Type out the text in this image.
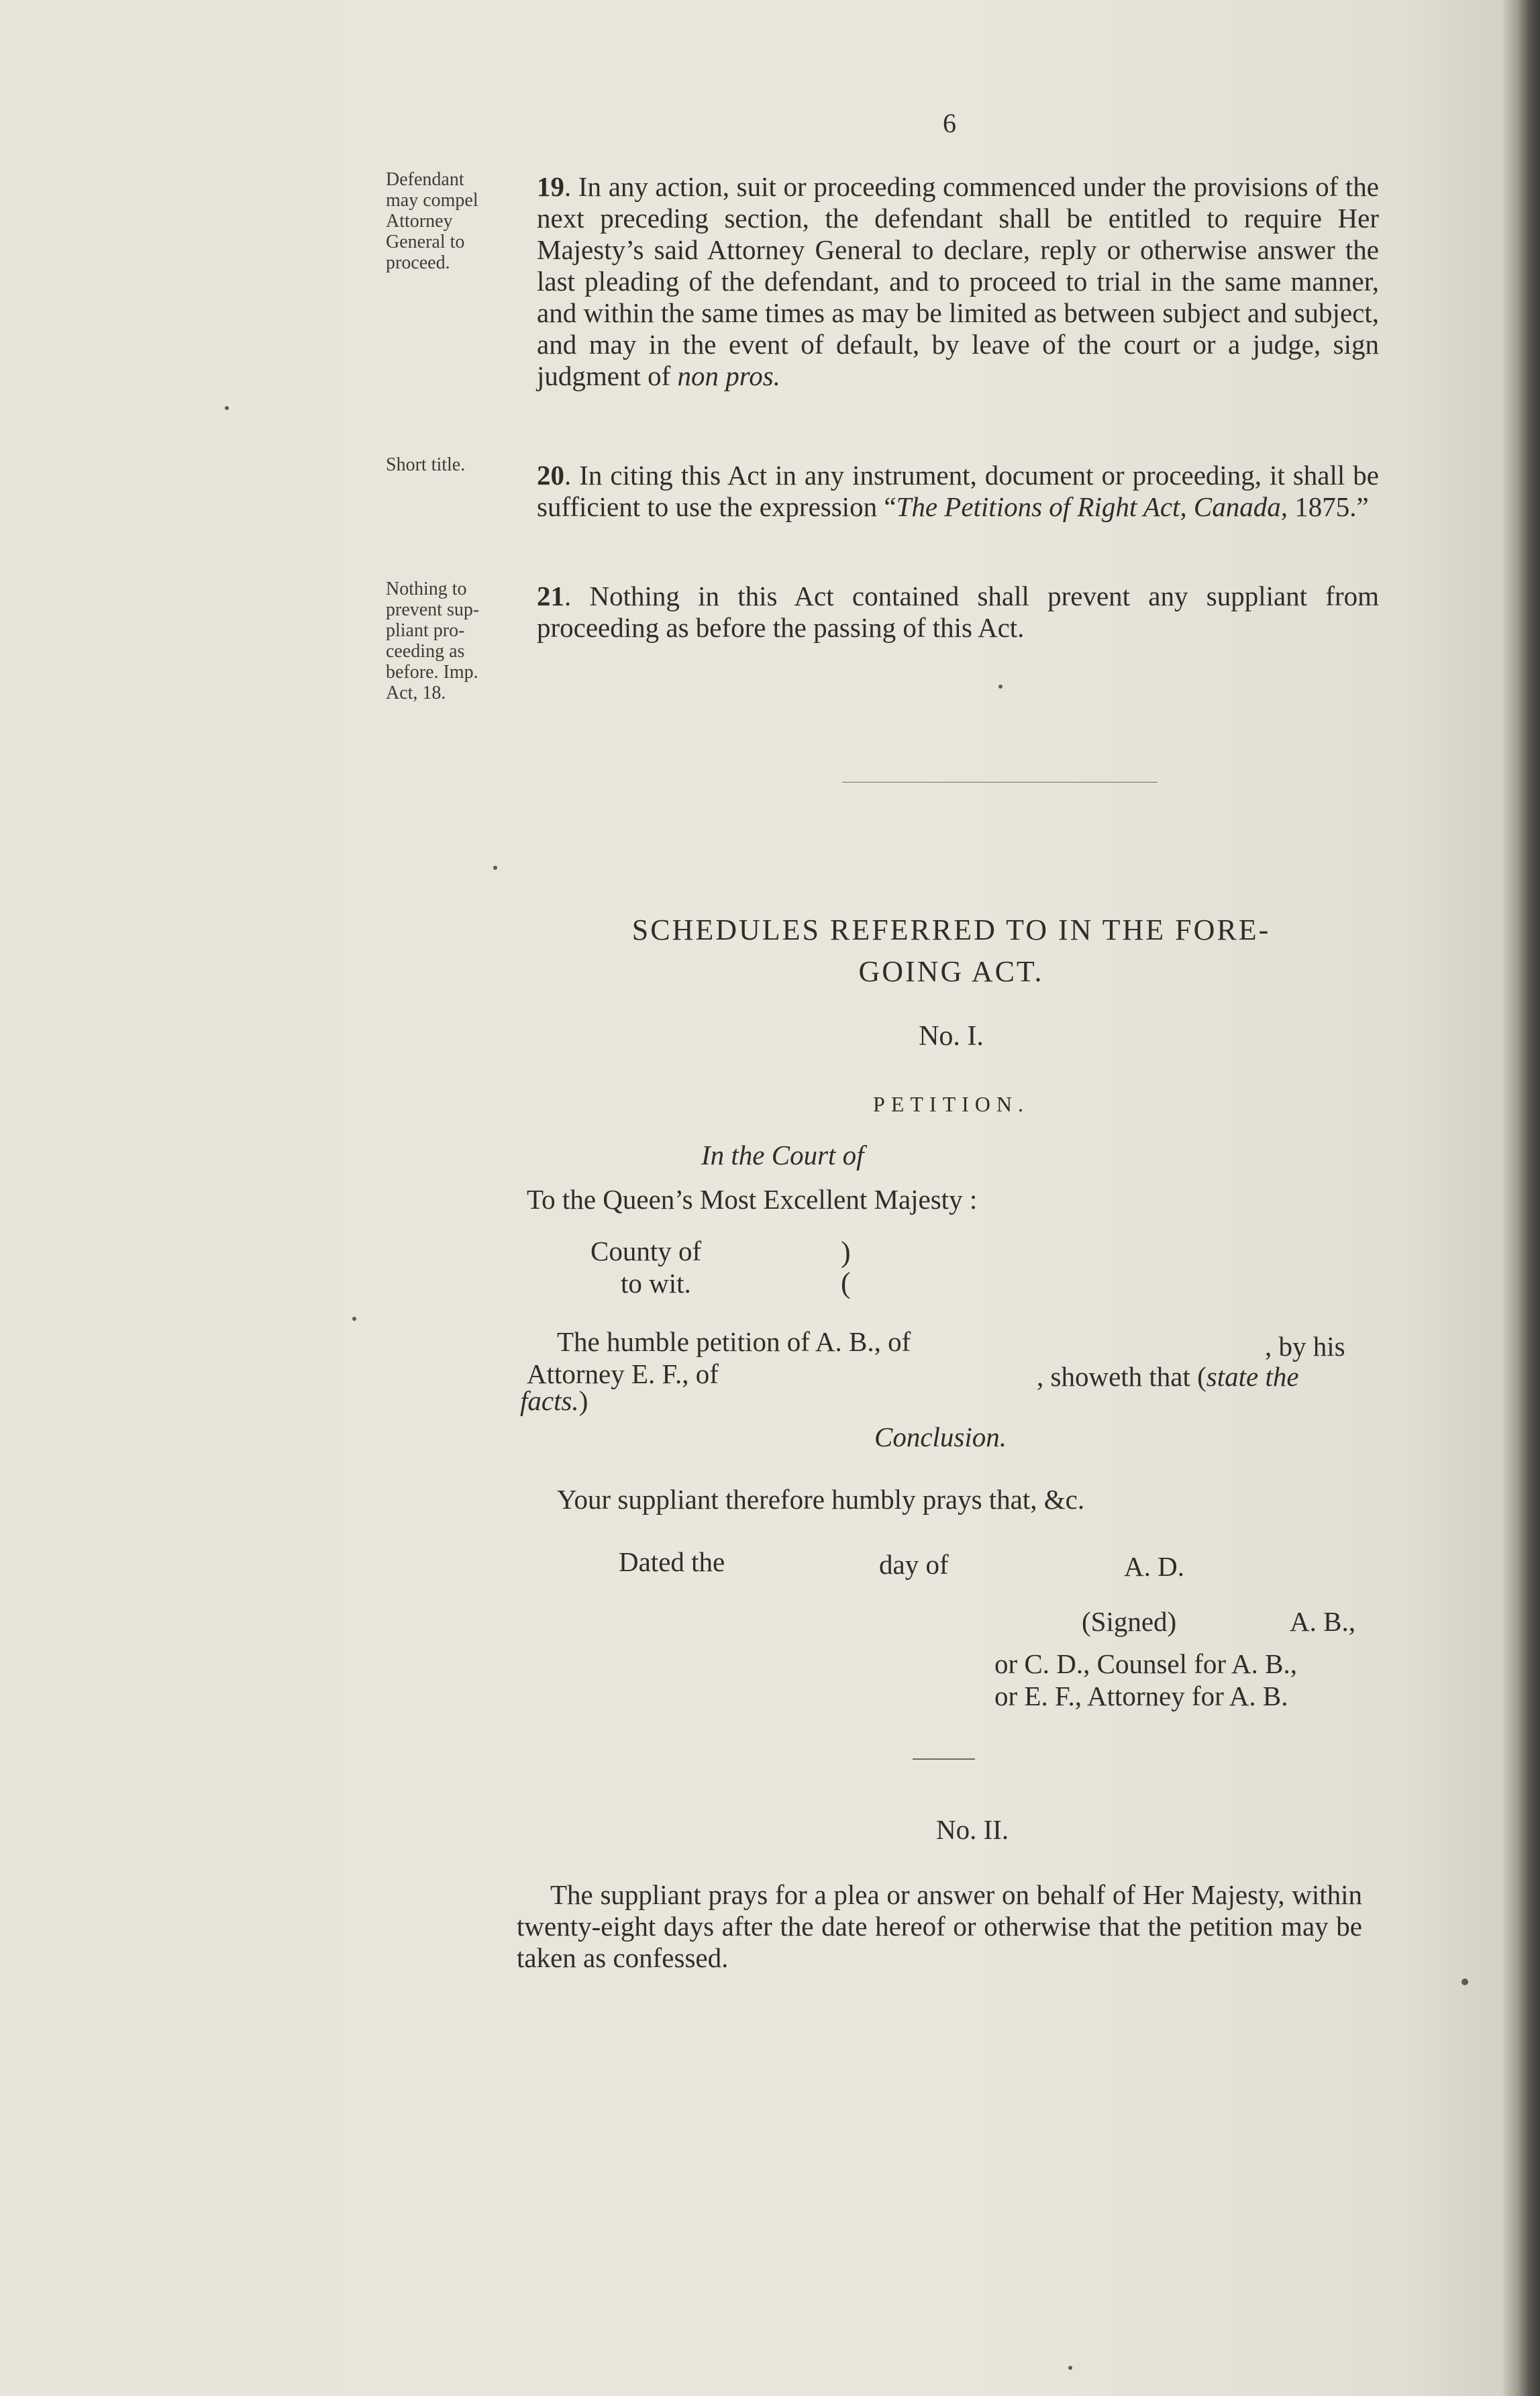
6
Defendant
may compel
Attorney
General to
proceed.
Short title.
Nothing to
prevent sup-
pliant pro-
ceeding as
before. Imp.
Act, 18.
19. In any action, suit or proceeding commenced under the provisions of the next preceding section, the defendant shall be entitled to require Her Majesty’s said Attorney General to declare, reply or otherwise answer the last pleading of the defendant, and to proceed to trial in the same manner, and within the same times as may be limited as between subject and subject, and may in the event of default, by leave of the court or a judge, sign judgment of non pros.
20. In citing this Act in any instrument, document or proceeding, it shall be sufficient to use the expression “The Petitions of Right Act, Canada, 1875.”
21. Nothing in this Act contained shall prevent any suppliant from proceeding as before the passing of this Act.
SCHEDULES REFERRED TO IN THE FORE-
GOING ACT.
No. I.
PETITION.
In the Court of
To the Queen’s Most Excellent Majesty :
County of
to wit.
)
(
The humble petition of A. B., of	, by his
Attorney E. F., of	, showeth that (state the
facts.)
Conclusion.
Your suppliant therefore humbly prays that, &c.
Dated the	day of	A. D.
(Signed)	A. B.,
or C. D., Counsel for A. B.,
or E. F., Attorney for A. B.
No. II.
The suppliant prays for a plea or answer on behalf of Her Majesty, within twenty-eight days after the date hereof or otherwise that the petition may be taken as confessed.
